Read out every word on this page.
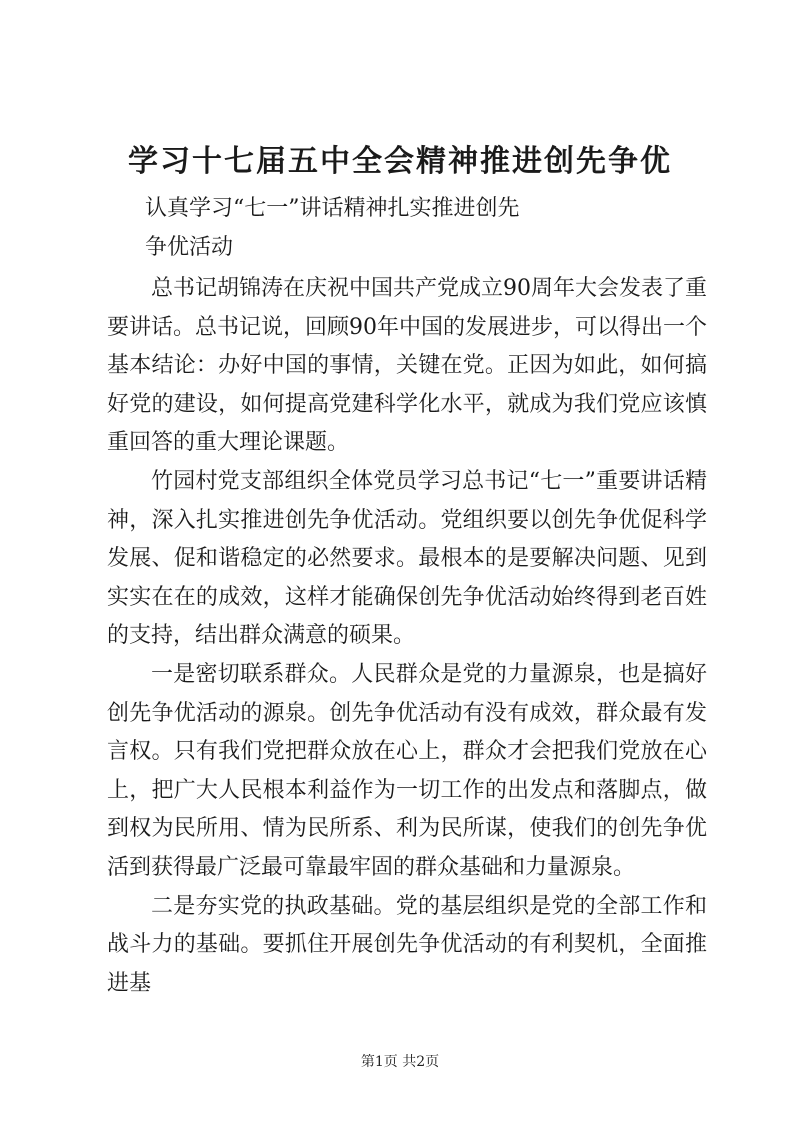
学习十七届五中全会精神推进创先争优
认真学习“七一”讲话精神扎实推进创先
争优活动

总书记胡锦涛在庆祝中国共产党成立90周年大会发表了重要讲话。总书记说，回顾90年中国的发展进步，可以得出一个基本结论：办好中国的事情，关键在党。正因为如此，如何搞好党的建设，如何提高党建科学化水平，就成为我们党应该慎重回答的重大理论课题。

竹园村党支部组织全体党员学习总书记“七一”重要讲话精神，深入扎实推进创先争优活动。党组织要以创先争优促科学发展、促和谐稳定的必然要求。最根本的是要解决问题、见到实实在在的成效，这样才能确保创先争优活动始终得到老百姓的支持，结出群众满意的硕果。

一是密切联系群众。人民群众是党的力量源泉，也是搞好创先争优活动的源泉。创先争优活动有没有成效，群众最有发言权。只有我们党把群众放在心上，群众才会把我们党放在心上，把广大人民根本利益作为一切工作的出发点和落脚点，做到权为民所用、情为民所系、利为民所谋，使我们的创先争优活到获得最广泛最可靠最牢固的群众基础和力量源泉。

二是夯实党的执政基础。党的基层组织是党的全部工作和战斗力的基础。要抓住开展创先争优活动的有利契机，全面推进基

第1页 共2页
